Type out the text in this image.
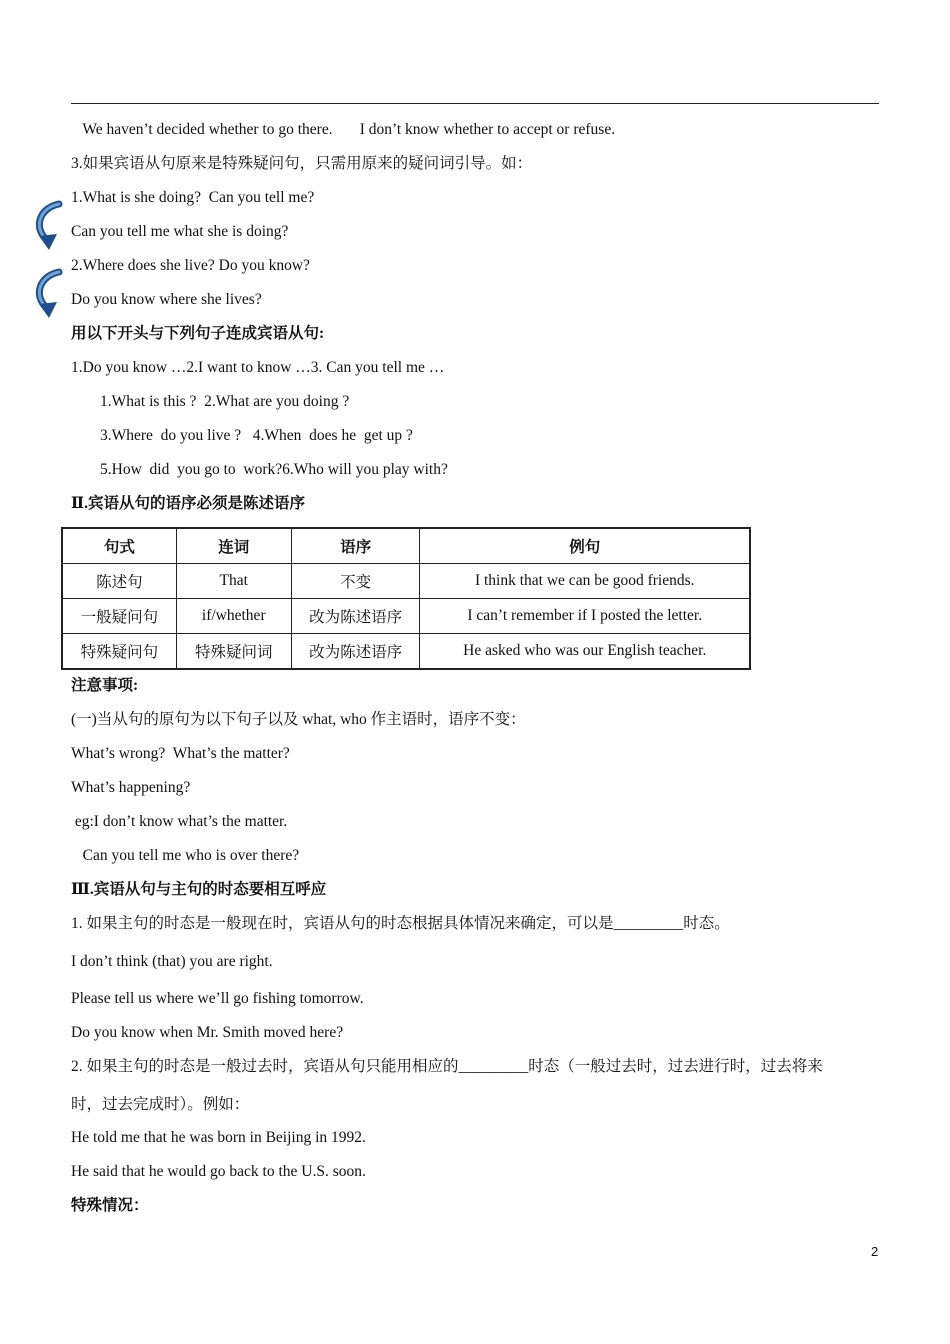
We haven’t decided whether to go there.       I don’t know whether to accept or refuse.
3.如果宾语从句原来是特殊疑问句，只需用原来的疑问词引导。如：
1.What is she doing?  Can you tell me?
Can you tell me what she is doing?
2.Where does she live? Do you know?
Do you know where she lives?
用以下开头与下列句子连成宾语从句:
1.Do you know …2.I want to know …3. Can you tell me …
1.What is this ?  2.What are you doing ?
3.Where  do you live ?   4.When  does he  get up ?
5.How  did  you go to  work?6.Who will you play with?
Ⅱ.宾语从句的语序必须是陈述语序
句式	连词	语序	例句
陈述句	That	不变	I think that we can be good friends.
一般疑问句	if/whether	改为陈述语序	I can’t remember if I posted the letter.
特殊疑问句	特殊疑问词	改为陈述语序	He asked who was our English teacher.
注意事项:
(一)当从句的原句为以下句子以及 what, who 作主语时，语序不变：
What’s wrong?  What’s the matter?
What’s happening?
eg:I don’t know what’s the matter.
Can you tell me who is over there?
Ⅲ.宾语从句与主句的时态要相互呼应
1. 如果主句的时态是一般现在时，宾语从句的时态根据具体情况来确定，可以是_________时态。
I don’t think (that) you are right.
Please tell us where we’ll go fishing tomorrow.
Do you know when Mr. Smith moved here?
2. 如果主句的时态是一般过去时，宾语从句只能用相应的_________时态（一般过去时，过去进行时，过去将来
时，过去完成时）。例如：
He told me that he was born in Beijing in 1992.
He said that he would go back to the U.S. soon.
特殊情况：
2
